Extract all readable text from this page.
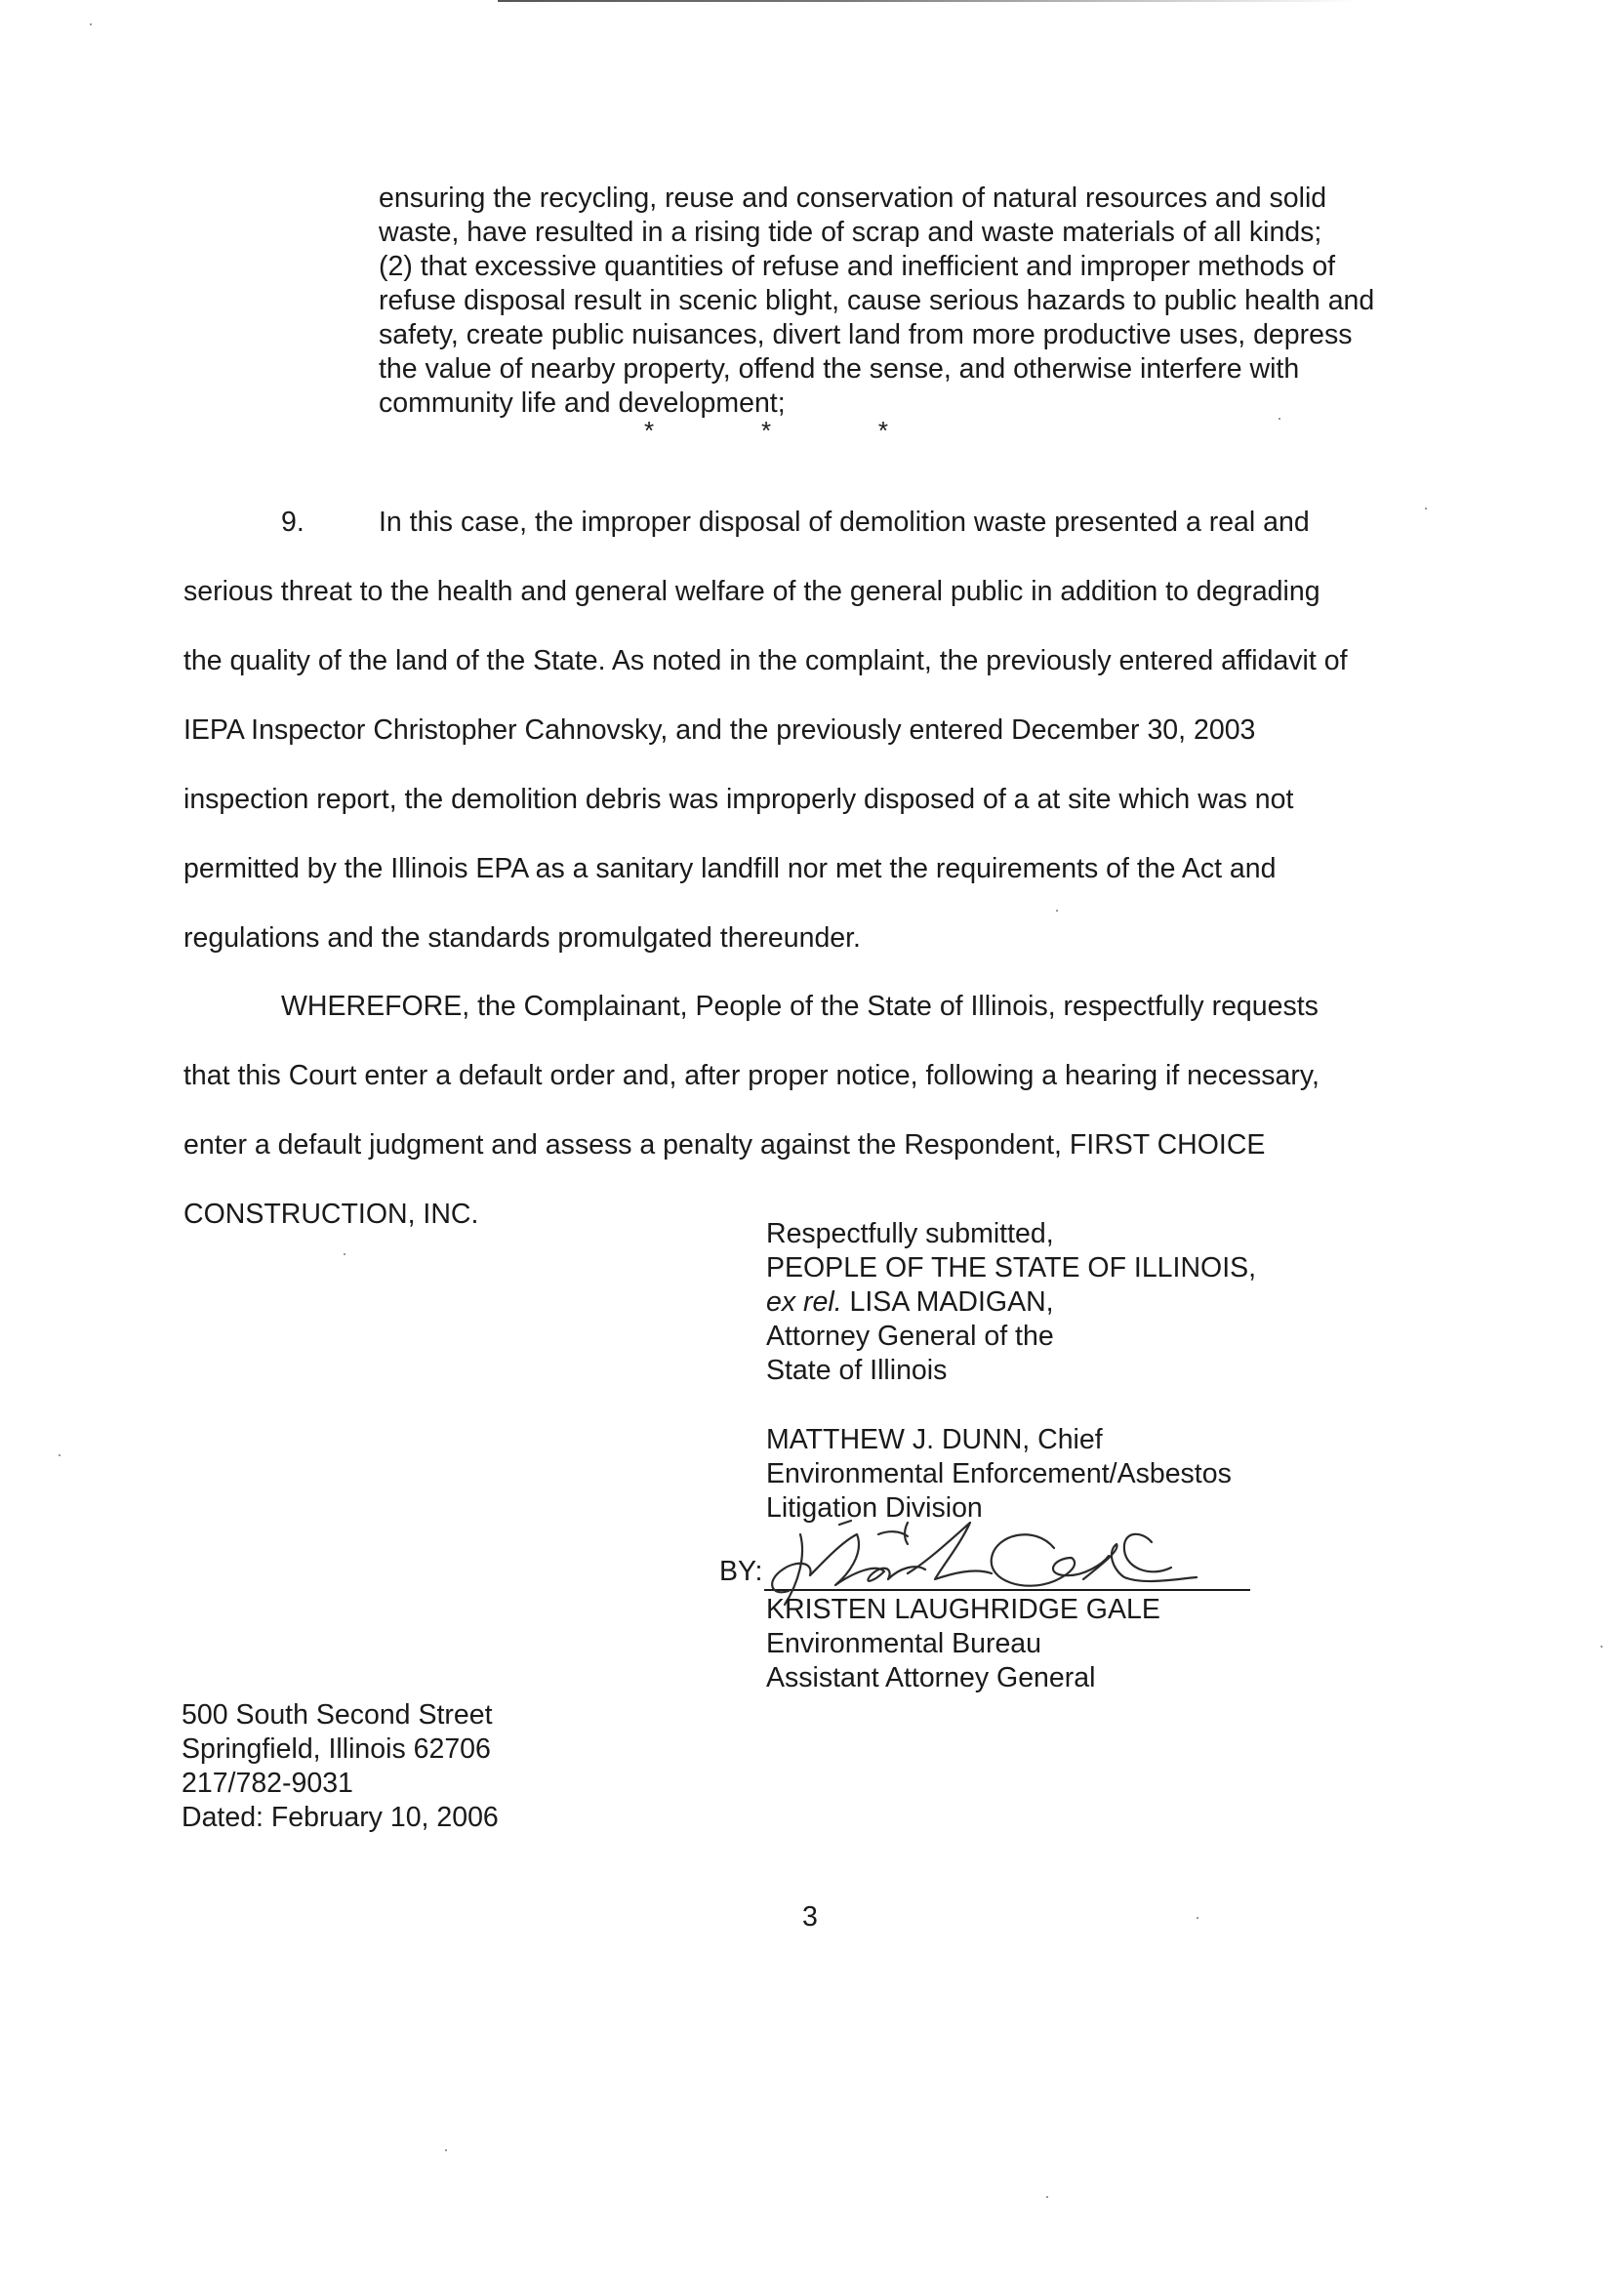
ensuring the recycling, reuse and conservation of natural resources and solid

waste, have resulted in a rising tide of scrap and waste materials of all kinds;

(2) that excessive quantities of refuse and inefficient and improper methods of

refuse disposal result in scenic blight, cause serious hazards to public health and

safety, create public nuisances, divert land from more productive uses, depress

the value of nearby property, offend the sense, and otherwise interfere with

community life and development;

*	*	*
9.	In this case, the improper disposal of demolition waste presented a real and
serious threat to the health and general welfare of the general public in addition to degrading
the quality of the land of the State. As noted in the complaint, the previously entered affidavit of
IEPA Inspector Christopher Cahnovsky, and the previously entered December 30, 2003
inspection report, the demolition debris was improperly disposed of a at site which was not
permitted by the Illinois EPA as a sanitary landfill nor met the requirements of the Act and
regulations and the standards promulgated thereunder.
WHEREFORE, the Complainant, People of the State of Illinois, respectfully requests
that this Court enter a default order and, after proper notice, following a hearing if necessary,
enter a default judgment and assess a penalty against the Respondent, FIRST CHOICE
CONSTRUCTION, INC.
Respectfully submitted,
PEOPLE OF THE STATE OF ILLINOIS,
ex rel. LISA MADIGAN,
Attorney General of the
State of Illinois
MATTHEW J. DUNN, Chief
Environmental Enforcement/Asbestos
Litigation Division
BY:
KRISTEN LAUGHRIDGE GALE
Environmental Bureau
Assistant Attorney General
500 South Second Street
Springfield, Illinois 62706
217/782-9031
Dated: February 10, 2006
3
